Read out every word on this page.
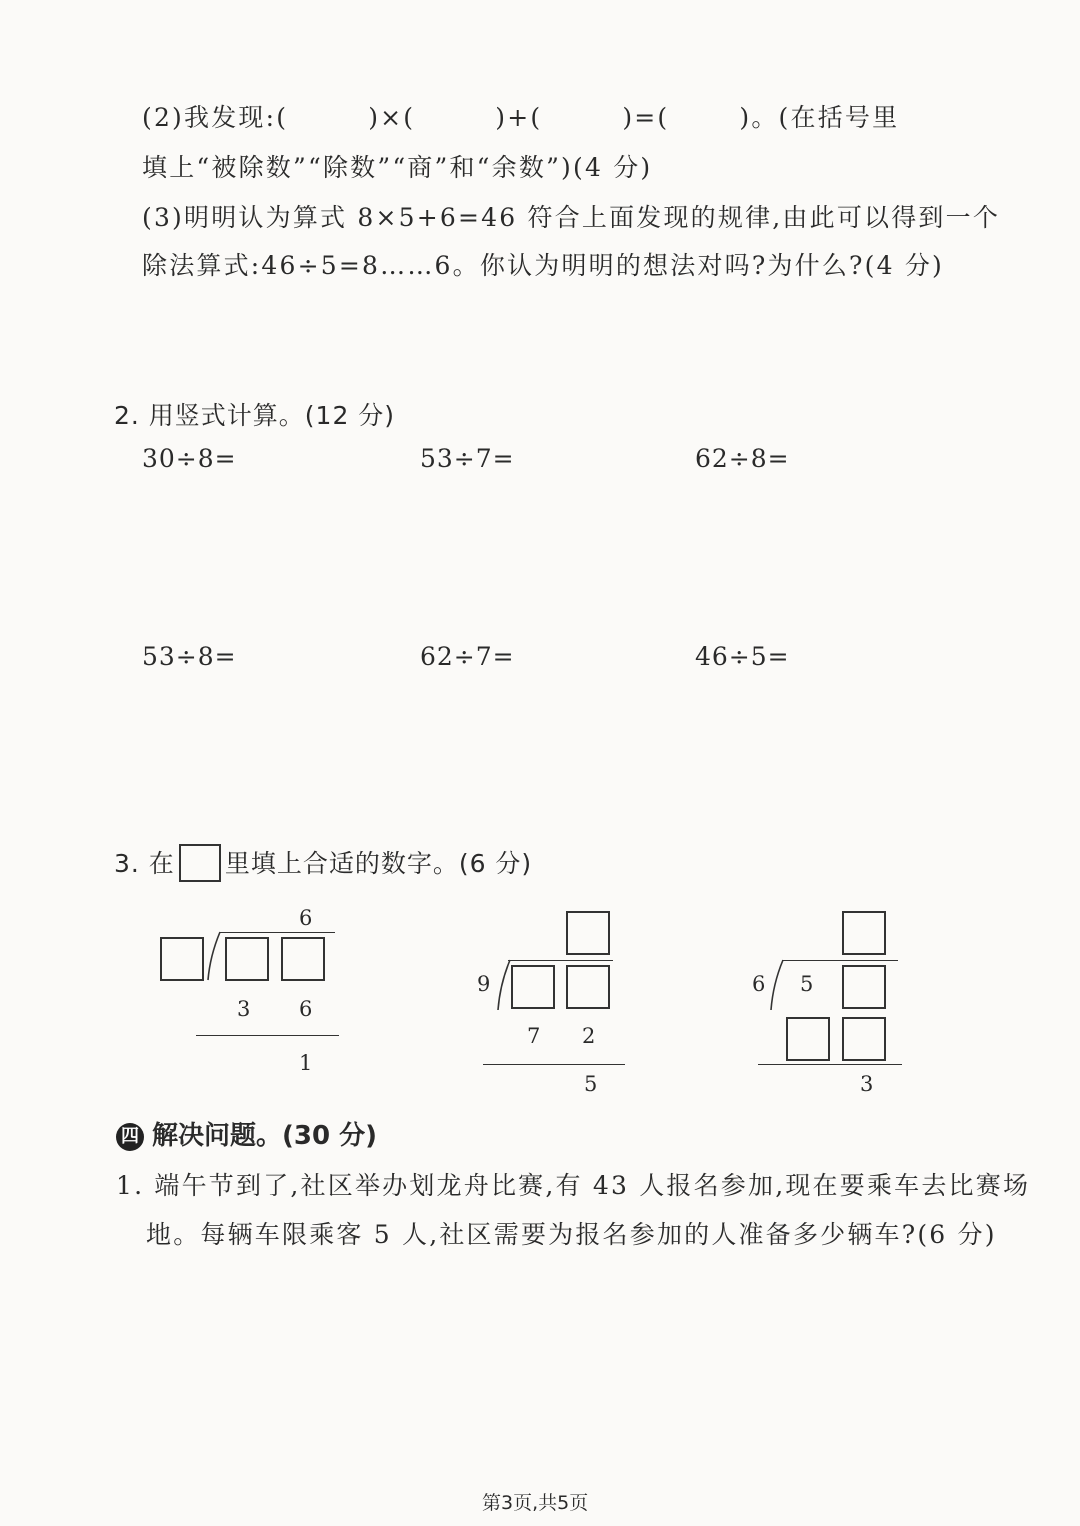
(2)我发现:(	)×(	)+(	)=(	)。(在括号里
填上“被除数”“除数”“商”和“余数”)(4 分)
(3)明明认为算式 8×5+6=46 符合上面发现的规律,由此可以得到一个
除法算式:46÷5=8……6。你认为明明的想法对吗?为什么?(4 分)
2. 用竖式计算。(12 分)
30÷8=	53÷7=	62÷8=
53÷8=	62÷7=	46÷5=
3. 在 里填上合适的数字。(6 分)
6
3 6
1
9
7 2
5
6 5
3
四 解决问题。(30 分)
1. 端午节到了,社区举办划龙舟比赛,有 43 人报名参加,现在要乘车去比赛场
地。每辆车限乘客 5 人,社区需要为报名参加的人准备多少辆车?(6 分)
第3页,共5页
